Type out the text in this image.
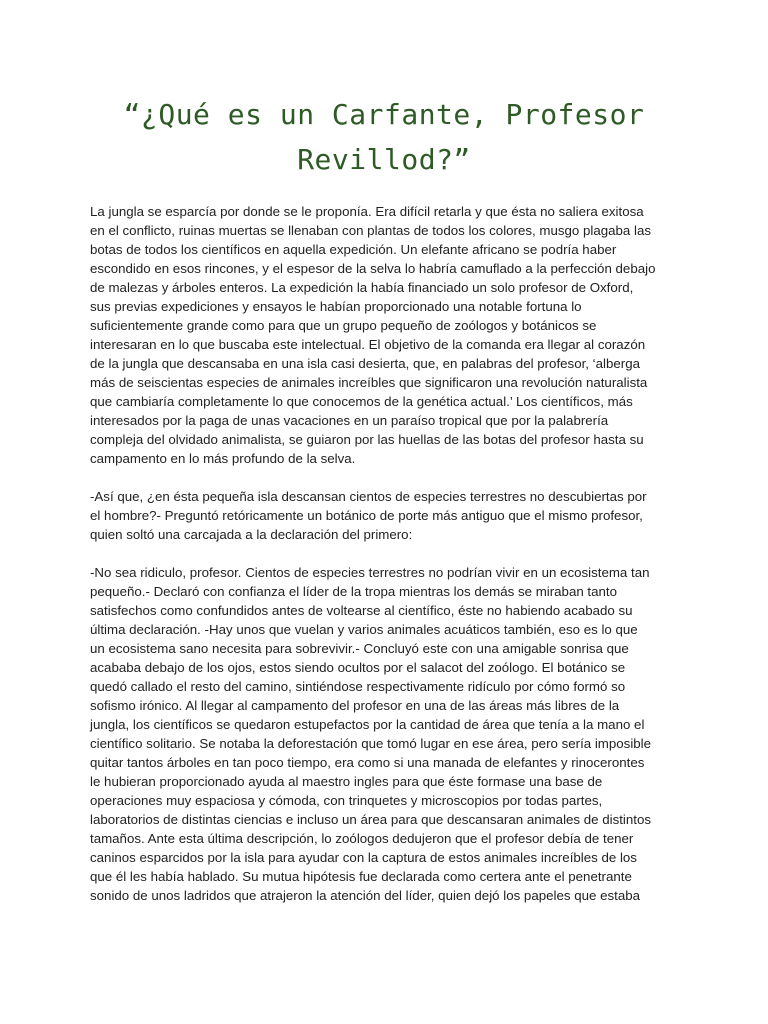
“¿Qué es un Carfante, Profesor
Revillod?”
La jungla se esparcía por donde se le proponía. Era difícil retarla y que ésta no saliera exitosa
en el conflicto, ruinas muertas se llenaban con plantas de todos los colores, musgo plagaba las
botas de todos los científicos en aquella expedición. Un elefante africano se podría haber
escondido en esos rincones, y el espesor de la selva lo habría camuflado a la perfección debajo
de malezas y árboles enteros. La expedición la había financiado un solo profesor de Oxford,
sus previas expediciones y ensayos le habían proporcionado una notable fortuna lo
suficientemente grande como para que un grupo pequeño de zoólogos y botánicos se
interesaran en lo que buscaba este intelectual. El objetivo de la comanda era llegar al corazón
de la jungla que descansaba en una isla casi desierta, que, en palabras del profesor, ‘alberga
más de seiscientas especies de animales increíbles que significaron una revolución naturalista
que cambiaría completamente lo que conocemos de la genética actual.’ Los científicos, más
interesados por la paga de unas vacaciones en un paraíso tropical que por la palabrería
compleja del olvidado animalista, se guiaron por las huellas de las botas del profesor hasta su
campamento en lo más profundo de la selva.
-Así que, ¿en ésta pequeña isla descansan cientos de especies terrestres no descubiertas por
el hombre?- Preguntó retóricamente un botánico de porte más antiguo que el mismo profesor,
quien soltó una carcajada a la declaración del primero:
-No sea ridiculo, profesor. Cientos de especies terrestres no podrían vivir en un ecosistema tan
pequeño.- Declaró con confianza el líder de la tropa mientras los demás se miraban tanto
satisfechos como confundidos antes de voltearse al científico, éste no habiendo acabado su
última declaración. -Hay unos que vuelan y varios animales acuáticos también, eso es lo que
un ecosistema sano necesita para sobrevivir.- Concluyó este con una amigable sonrisa que
acababa debajo de los ojos, estos siendo ocultos por el salacot del zoólogo. El botánico se
quedó callado el resto del camino, sintiéndose respectivamente ridículo por cómo formó so
sofismo irónico. Al llegar al campamento del profesor en una de las áreas más libres de la
jungla, los científicos se quedaron estupefactos por la cantidad de área que tenía a la mano el
científico solitario. Se notaba la deforestación que tomó lugar en ese área, pero sería imposible
quitar tantos árboles en tan poco tiempo, era como si una manada de elefantes y rinocerontes
le hubieran proporcionado ayuda al maestro ingles para que éste formase una base de
operaciones muy espaciosa y cómoda, con trinquetes y microscopios por todas partes,
laboratorios de distintas ciencias e incluso un área para que descansaran animales de distintos
tamaños. Ante esta última descripción, lo zoólogos dedujeron que el profesor debía de tener
caninos esparcidos por la isla para ayudar con la captura de estos animales increíbles de los
que él les había hablado. Su mutua hipótesis fue declarada como certera ante el penetrante
sonido de unos ladridos que atrajeron la atención del líder, quien dejó los papeles que estaba
